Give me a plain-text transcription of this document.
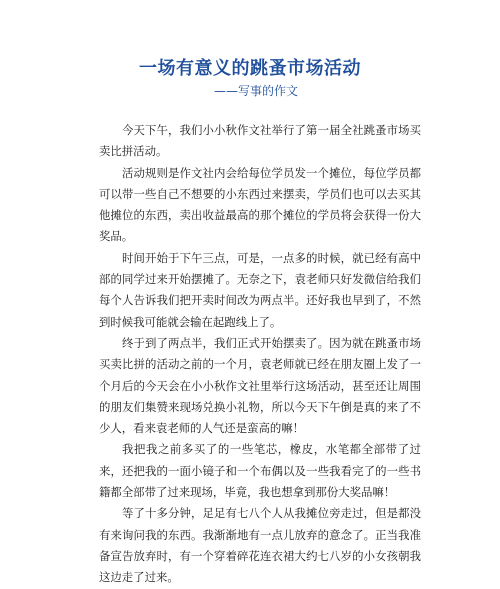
一场有意义的跳蚤市场活动
——写事的作文

今天下午，我们小小秋作文社举行了第一届全社跳蚤市场买卖比拼活动。

活动规则是作文社内会给每位学员发一个摊位，每位学员都可以带一些自己不想要的小东西过来摆卖，学员们也可以去买其他摊位的东西，卖出收益最高的那个摊位的学员将会获得一份大奖品。

时间开始于下午三点，可是，一点多的时候，就已经有高中部的同学过来开始摆摊了。无奈之下，袁老师只好发微信给我们每个人告诉我们把开卖时间改为两点半。还好我也早到了，不然到时候我可能就会输在起跑线上了。

终于到了两点半，我们正式开始摆卖了。因为就在跳蚤市场买卖比拼的活动之前的一个月，袁老师就已经在朋友圈上发了一个月后的今天会在小小秋作文社里举行这场活动，甚至还让周围的朋友们集赞来现场兑换小礼物，所以今天下午倒是真的来了不少人，看来袁老师的人气还是蛮高的嘛！

我把我之前多买了的一些笔芯，橡皮，水笔都全部带了过来，还把我的一面小镜子和一个布偶以及一些我看完了的一些书籍都全部带了过来现场，毕竟，我也想拿到那份大奖品嘛！

等了十多分钟，足足有七八个人从我摊位旁走过，但是都没有来询问我的东西。我渐渐地有一点儿放弃的意念了。正当我准备宣告放弃时，有一个穿着碎花连衣裙大约七八岁的小女孩朝我这边走了过来。
